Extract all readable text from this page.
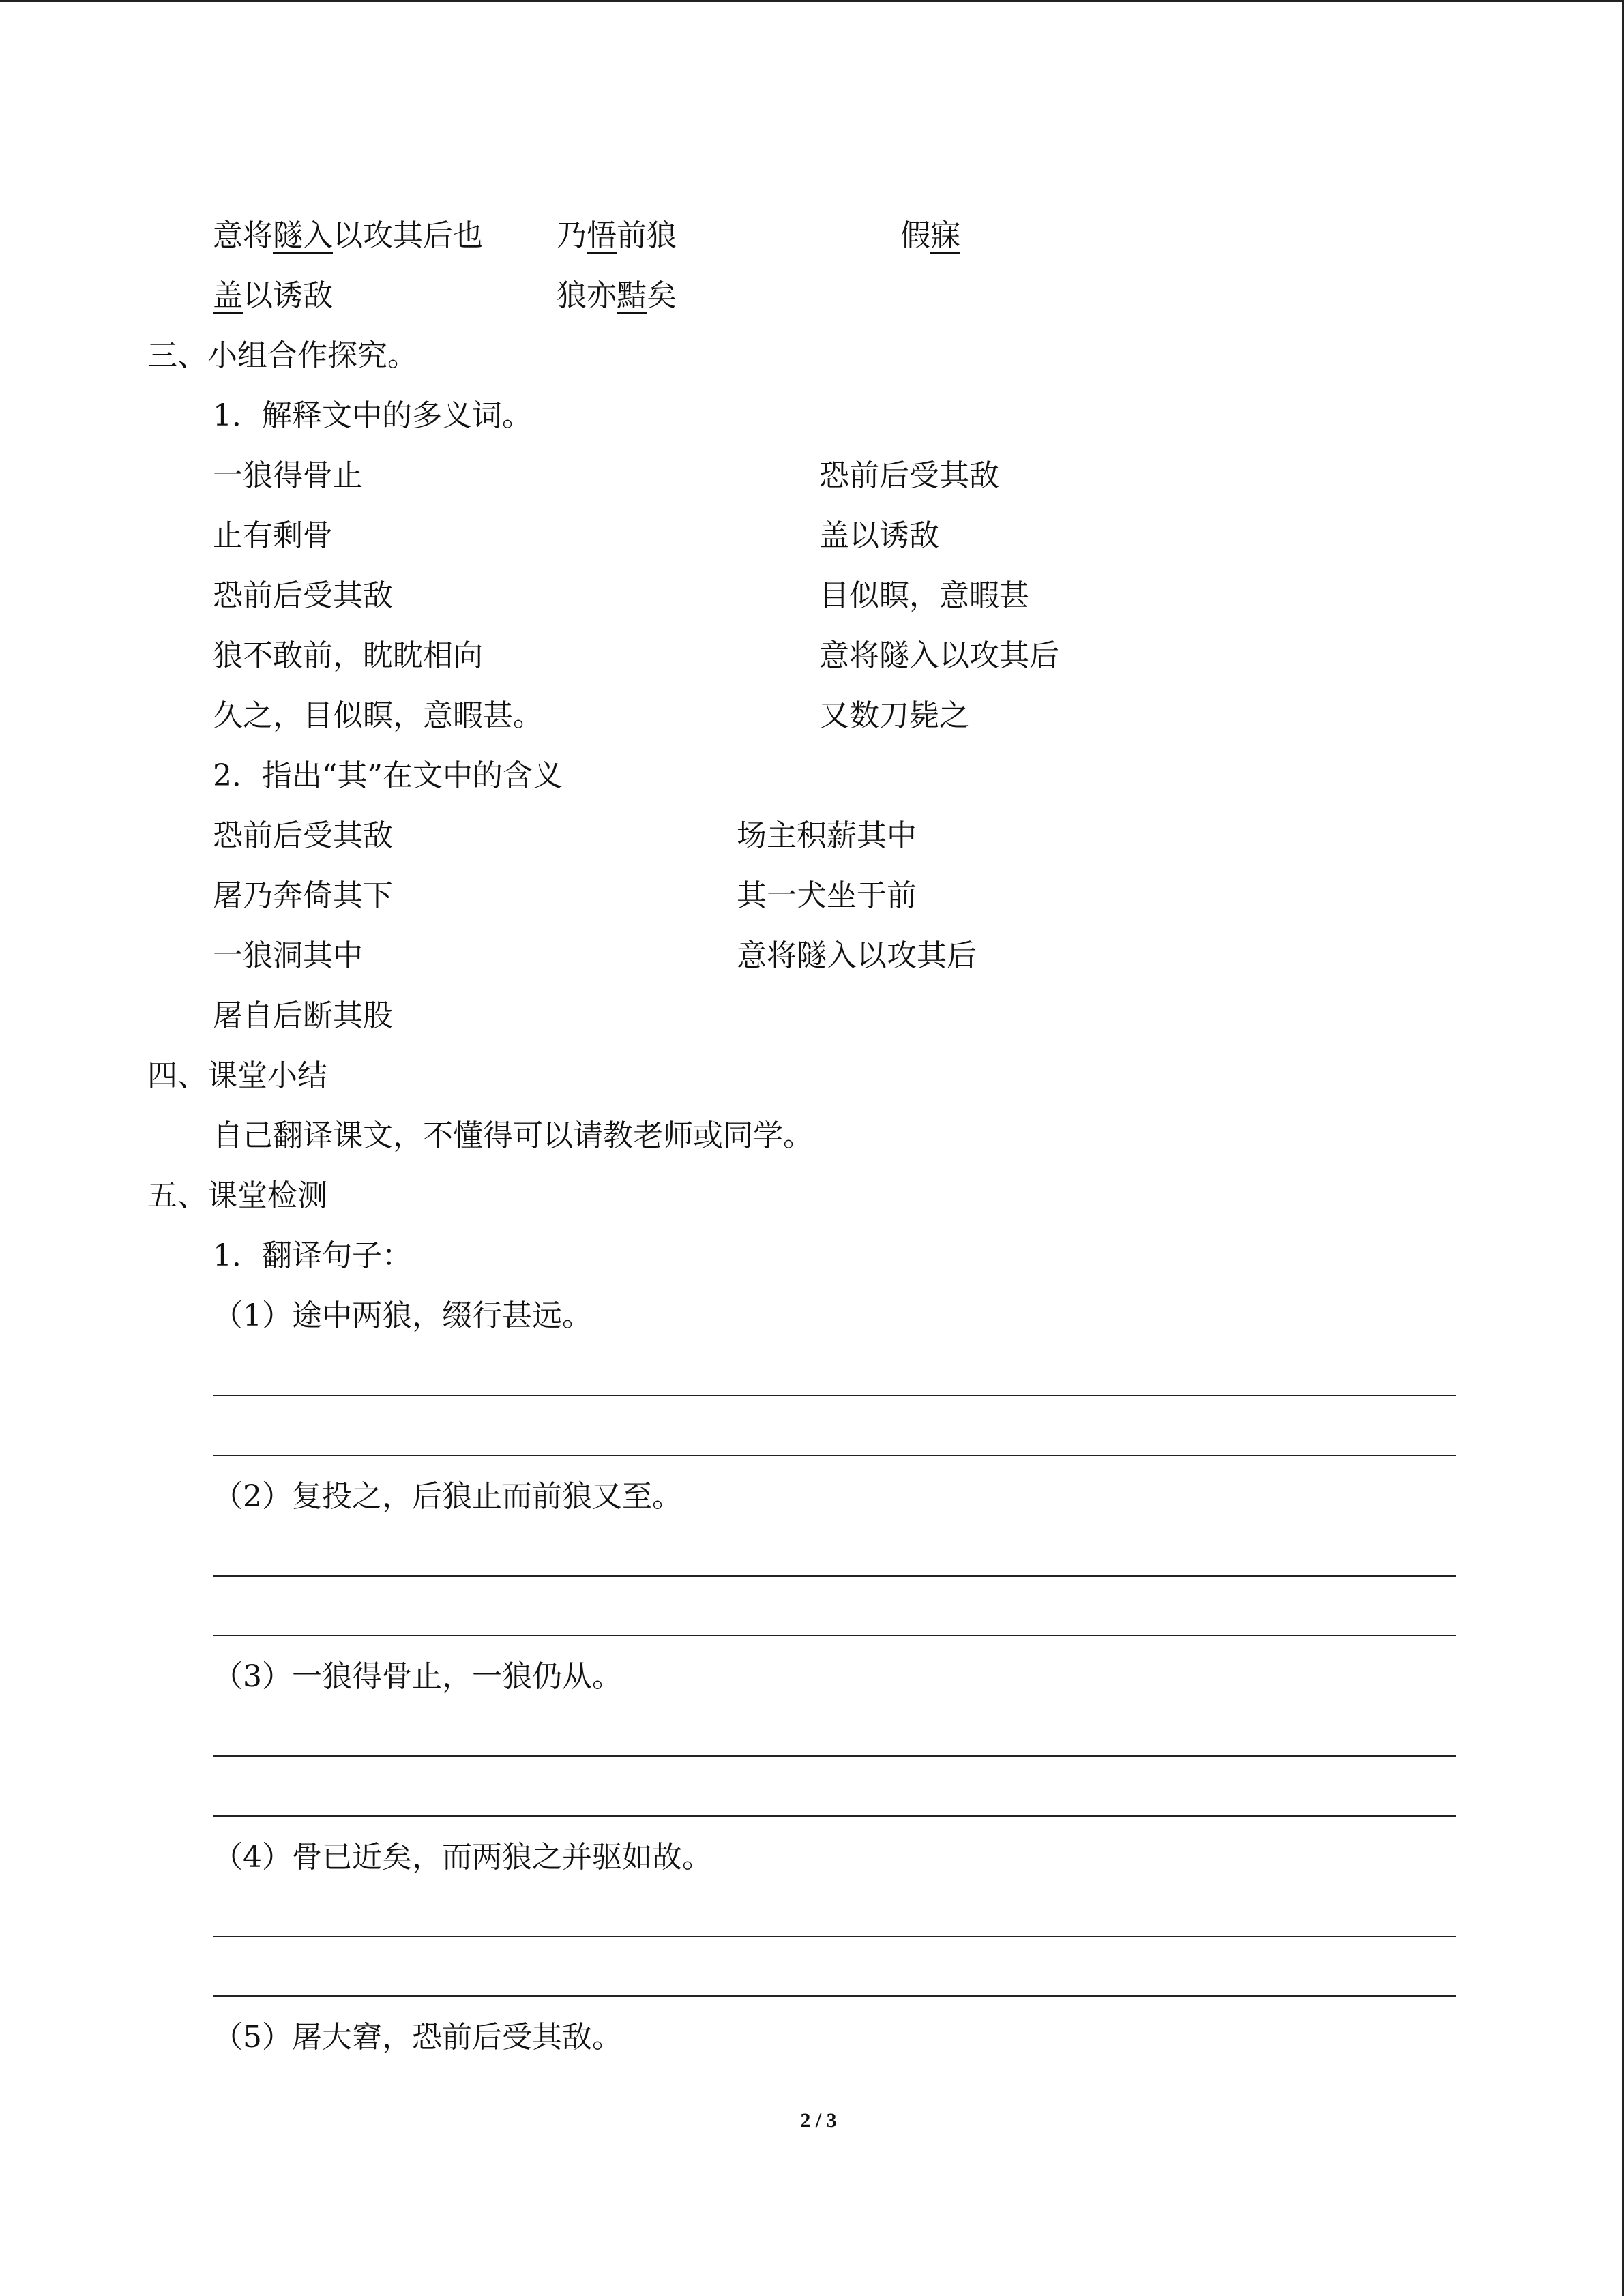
意将隧入以攻其后也 乃悟前狼	假寐
盖以诱敌	狼亦黠矣
三、小组合作探究。
1．解释文中的多义词。
一狼得骨止
止有剩骨
恐前后受其敌
狼不敢前，眈眈相向
久之，目似瞑，意暇甚。
恐前后受其敌
盖以诱敌
目似瞑，意暇甚
意将隧入以攻其后
又数刀毙之
2．指出“其”在文中的含义
恐前后受其敌
屠乃奔倚其下
一狼洞其中
屠自后断其股
场主积薪其中
其一犬坐于前
意将隧入以攻其后
四、课堂小结
自己翻译课文，不懂得可以请教老师或同学。
五、课堂检测
1．翻译句子：
（1）途中两狼，缀行甚远。
（2）复投之，后狼止而前狼又至。
（3）一狼得骨止，一狼仍从。
（4）骨已近矣，而两狼之并驱如故。
（5）屠大窘，恐前后受其敌。
2 / 3
